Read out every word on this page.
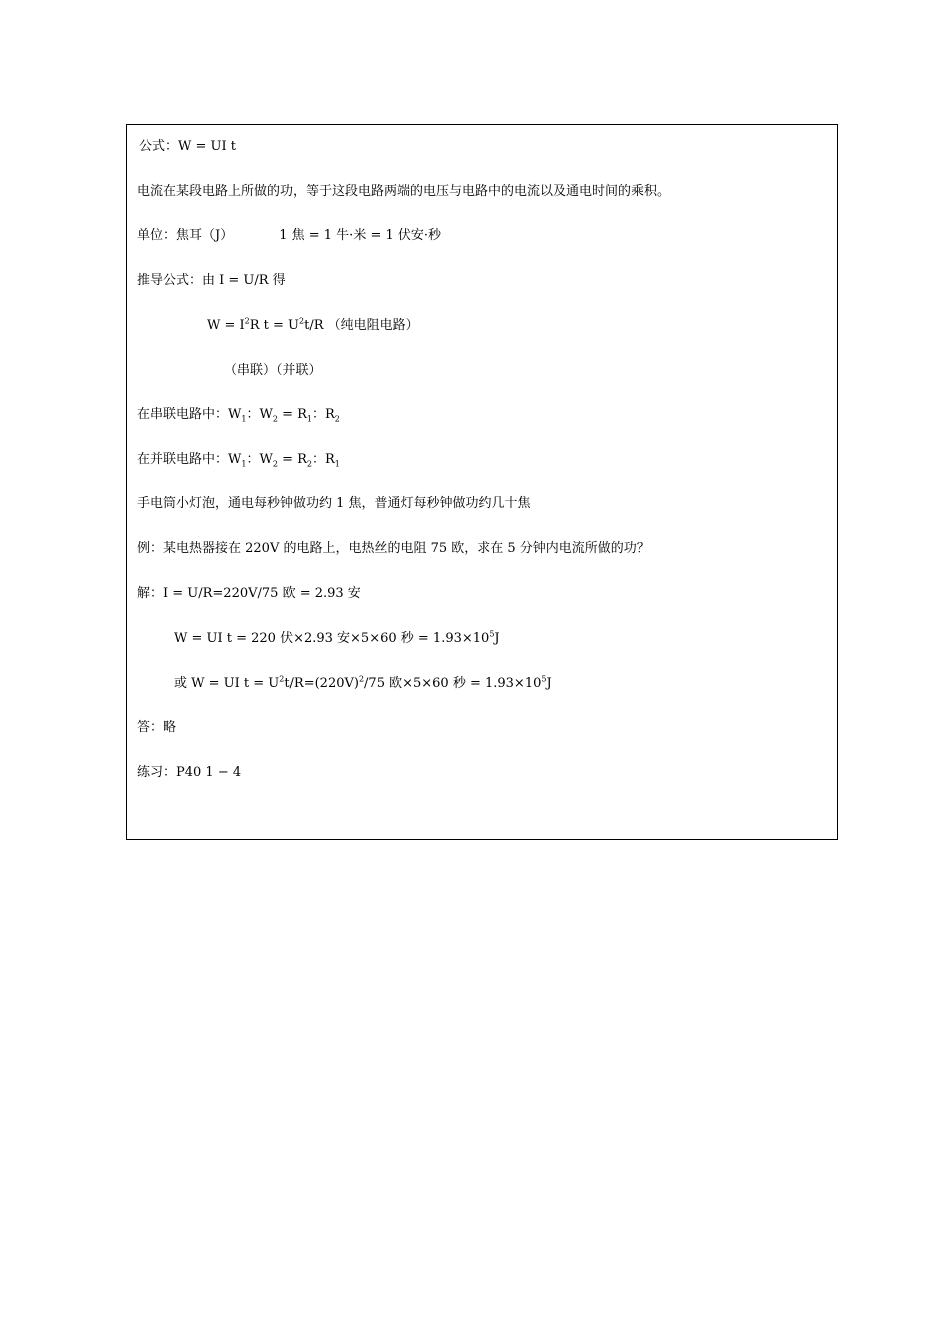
公式：W = UI t
电流在某段电路上所做的功，等于这段电路两端的电压与电路中的电流以及通电时间的乘积。
单位：焦耳（J）	1 焦 = 1 牛·米 = 1 伏安·秒
推导公式：由 I = U/R 得
$W = I^2R$ $t = U^2t/R$ （纯电阻电路）
（串联）（并联）
在串联电路中：$W_1$：$W_2 = R_1$：$R_2$
在并联电路中：$W_1$：$W_2 = R_2$：$R_1$
手电筒小灯泡，通电每秒钟做功约 1 焦，普通灯每秒钟做功约几十焦
例：某电热器接在 220V 的电路上，电热丝的电阻 75 欧，求在 5 分钟内电流所做的功？
解：I = U/R=220V/75 欧 = 2.93 安
W = UI t = 220 伏×2.93 安×5×60 秒 = $1.93\times 10^5J$
或 W = UI $t = U^2t/R=(220V)^2/75$ 欧×5×60 秒 = $1.93\times 10^5J$
答：略
练习：P40 1 − 4
